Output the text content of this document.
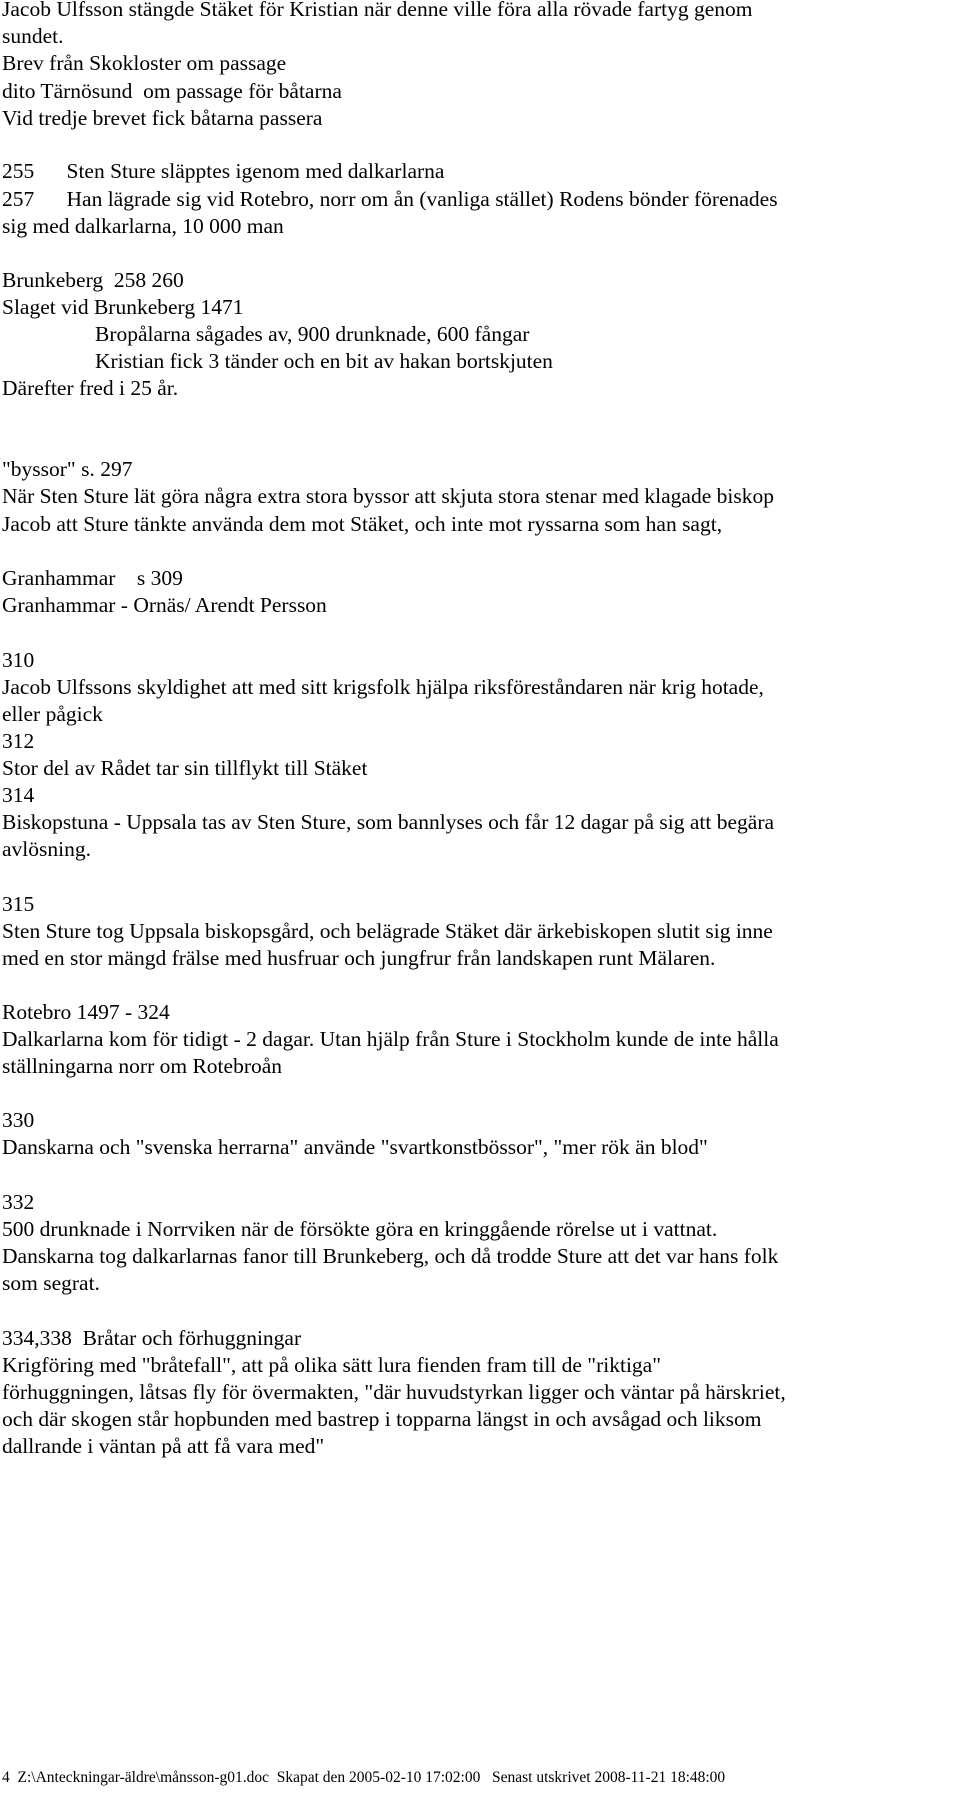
Jacob Ulfsson stängde Stäket för Kristian när denne ville föra alla rövade fartyg genom
sundet.
Brev från Skokloster om passage
dito Tärnösund  om passage för båtarna
Vid tredje brevet fick båtarna passera
255      Sten Sture släpptes igenom med dalkarlarna
257      Han lägrade sig vid Rotebro, norr om ån (vanliga stället) Rodens bönder förenades
sig med dalkarlarna, 10 000 man
Brunkeberg  258 260
Slaget vid Brunkeberg 1471
Bropålarna sågades av, 900 drunknade, 600 fångar
Kristian fick 3 tänder och en bit av hakan bortskjuten
Därefter fred i 25 år.
"byssor" s. 297
När Sten Sture lät göra några extra stora byssor att skjuta stora stenar med klagade biskop
Jacob att Sture tänkte använda dem mot Stäket, och inte mot ryssarna som han sagt,
Granhammar    s 309
Granhammar - Ornäs/ Arendt Persson
310
Jacob Ulfssons skyldighet att med sitt krigsfolk hjälpa riksföreståndaren när krig hotade,
eller pågick
312
Stor del av Rådet tar sin tillflykt till Stäket
314
Biskopstuna - Uppsala tas av Sten Sture, som bannlyses och får 12 dagar på sig att begära
avlösning.
315
Sten Sture tog Uppsala biskopsgård, och belägrade Stäket där ärkebiskopen slutit sig inne
med en stor mängd frälse med husfruar och jungfrur från landskapen runt Mälaren.
Rotebro 1497 - 324
Dalkarlarna kom för tidigt - 2 dagar. Utan hjälp från Sture i Stockholm kunde de inte hålla
ställningarna norr om Rotebroån
330
Danskarna och "svenska herrarna" använde "svartkonstbössor", "mer rök än blod"
332
500 drunknade i Norrviken när de försökte göra en kringgående rörelse ut i vattnat.
Danskarna tog dalkarlarnas fanor till Brunkeberg, och då trodde Sture att det var hans folk
som segrat.
334,338  Bråtar och förhuggningar
Krigföring med "bråtefall", att på olika sätt lura fienden fram till de "riktiga"
förhuggningen, låtsas fly för övermakten, "där huvudstyrkan ligger och väntar på härskriet,
och där skogen står hopbunden med bastrep i topparna längst in och avsågad och liksom
dallrande i väntan på att få vara med"
4  Z:\Anteckningar-äldre\månsson-g01.doc  Skapat den 2005-02-10 17:02:00   Senast utskrivet 2008-11-21 18:48:00
